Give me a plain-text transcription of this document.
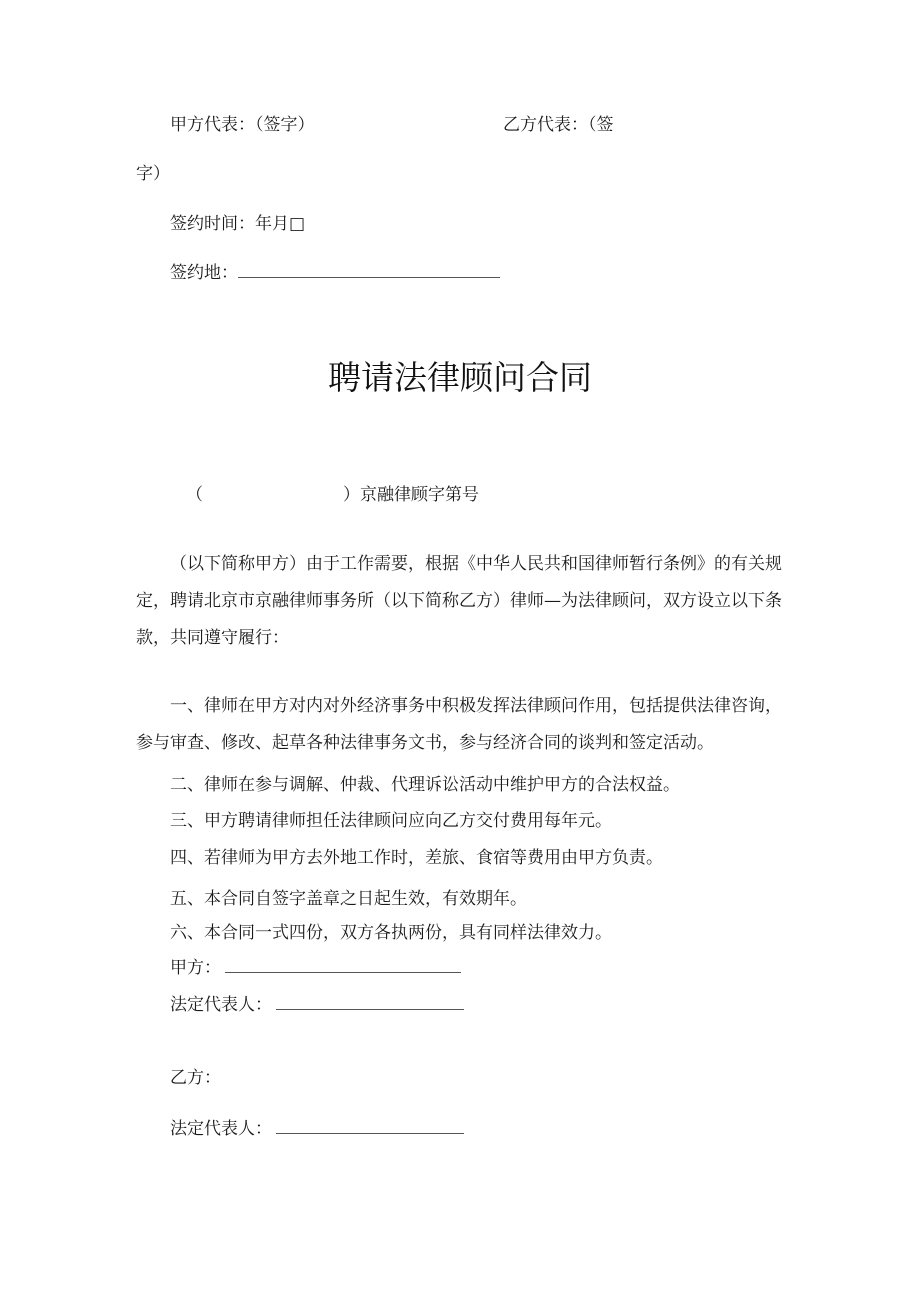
甲方代表：（签字）	乙方代表：（签
字）
签约时间：年月□
签约地：
聘请法律顾问合同
（	）京融律顾字第号
（以下简称甲方）由于工作需要，根据《中华人民共和国律师暂行条例》的有关规定，聘请北京市京融律师事务所（以下简称乙方）律师—为法律顾问，双方设立以下条款，共同遵守履行：
一、律师在甲方对内对外经济事务中积极发挥法律顾问作用，包括提供法律咨询，参与审查、修改、起草各种法律事务文书，参与经济合同的谈判和签定活动。
二、律师在参与调解、仲裁、代理诉讼活动中维护甲方的合法权益。
三、甲方聘请律师担任法律顾问应向乙方交付费用每年元。
四、若律师为甲方去外地工作时，差旅、食宿等费用由甲方负责。
五、本合同自签字盖章之日起生效，有效期年。
六、本合同一式四份，双方各执两份，具有同样法律效力。
甲方：
法定代表人：
乙方：
法定代表人：
